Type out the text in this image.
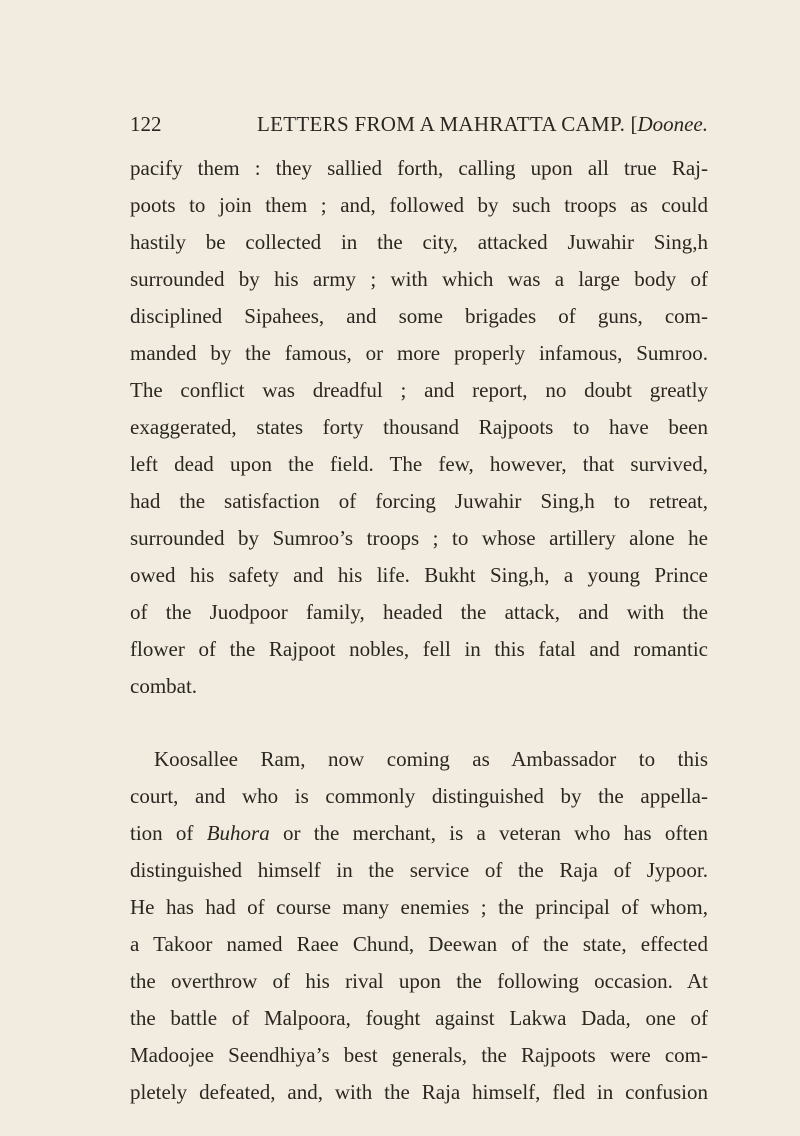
122	LETTERS FROM A MAHRATTA CAMP. [Doonee.
pacify them : they sallied forth, calling upon all true Raj-
poots to join them ; and, followed by such troops as could
hastily be collected in the city, attacked Juwahir Sing,h
surrounded by his army ; with which was a large body of
disciplined Sipahees, and some brigades of guns, com-
manded by the famous, or more properly infamous, Sumroo.
The conflict was dreadful ; and report, no doubt greatly
exaggerated, states forty thousand Rajpoots to have been
left dead upon the field. The few, however, that survived,
had the satisfaction of forcing Juwahir Sing,h to retreat,
surrounded by Sumroo’s troops ; to whose artillery alone he
owed his safety and his life. Bukht Sing,h, a young Prince
of the Juodpoor family, headed the attack, and with the
flower of the Rajpoot nobles, fell in this fatal and romantic
combat.
Koosallee Ram, now coming as Ambassador to this
court, and who is commonly distinguished by the appella-
tion of Buhora or the merchant, is a veteran who has often
distinguished himself in the service of the Raja of Jypoor.
He has had of course many enemies ; the principal of whom,
a Takoor named Raee Chund, Deewan of the state, effected
the overthrow of his rival upon the following occasion. At
the battle of Malpoora, fought against Lakwa Dada, one of
Madoojee Seendhiya’s best generals, the Rajpoots were com-
pletely defeated, and, with the Raja himself, fled in confusion
